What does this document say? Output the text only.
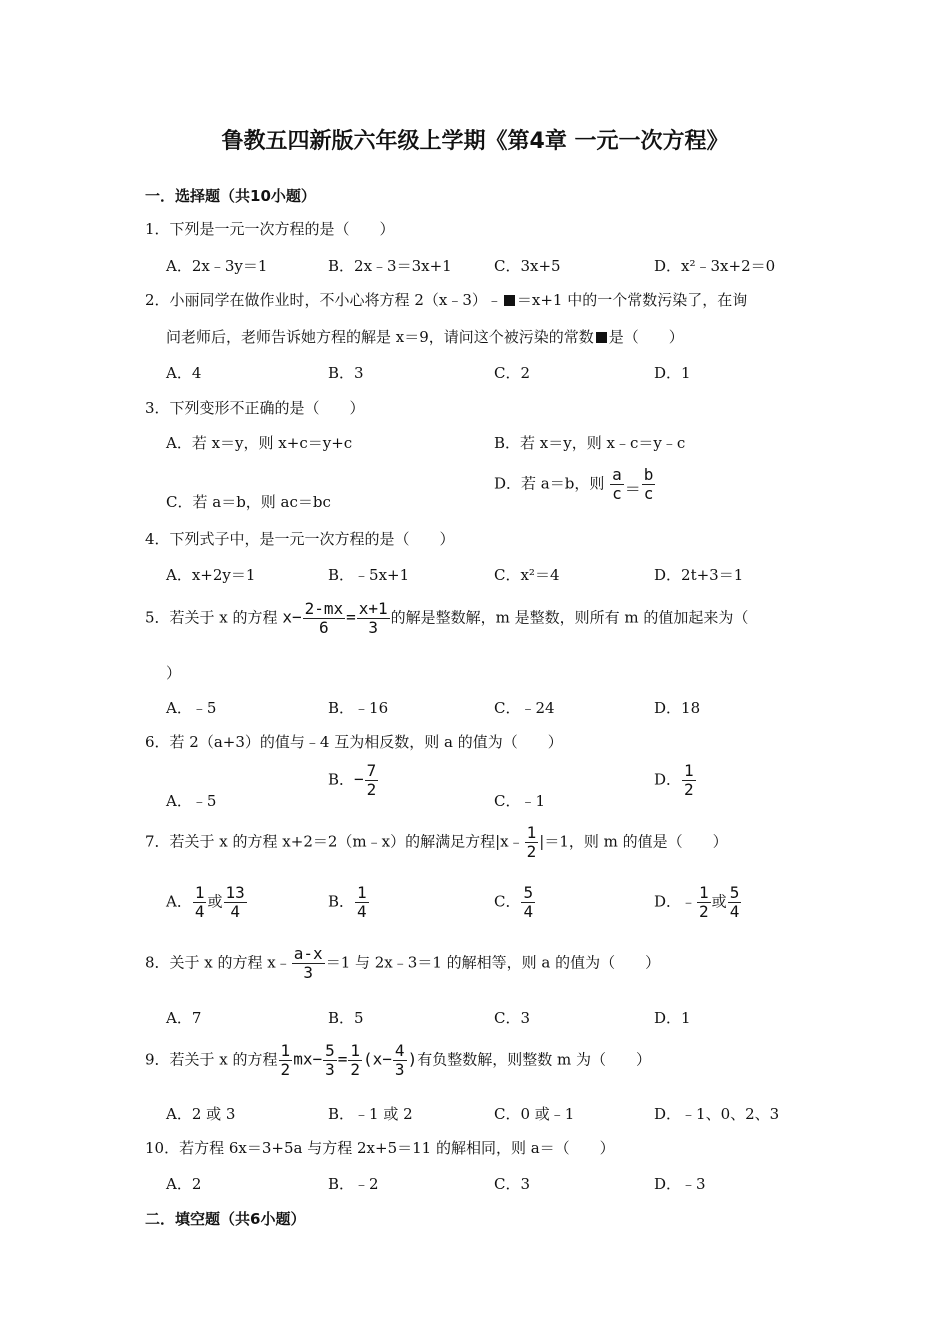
鲁教五四新版六年级上学期《第4章 一元一次方程》
一．选择题（共10小题）
1．下列是一元一次方程的是（　　）
A．2x﹣3y＝1	B．2x﹣3＝3x+1	C．3x+5	D．x²﹣3x+2＝0
2．小丽同学在做作业时，不小心将方程 2（x﹣3）﹣ ＝x+1 中的一个常数污染了，在询
问老师后，老师告诉她方程的解是 x＝9，请问这个被污染的常数 是（　　）
A．4	B．3	C．2	D．1
3．下列变形不正确的是（　　）
A．若 x＝y，则 x+c＝y+c	B．若 x＝y，则 x﹣c＝y﹣c
C．若 a＝b，则 ac＝bc
D．若 a＝b，则 $\frac{a}{c} = \frac{b}{c}$
4．下列式子中，是一元一次方程的是（　　）
A．x+2y＝1	B．﹣5x+1	C．x²＝4	D．2t+3＝1
5．若关于 x 的方程 $x- \frac{2-mx}{6} = \frac{x+1}{3}$ 的解是整数解，m 是整数，则所有 m 的值加起来为（
）
A．﹣5	B．﹣16	C．﹣24	D．18
6．若 2（a+3）的值与﹣4 互为相反数，则 a 的值为（　　）
A．﹣5
B．− $\frac{7}{2}$
C．﹣1
D． $\frac{1}{2}$
7．若关于 x 的方程 x+2＝2（m﹣x）的解满足方程|x﹣ $\frac{1}{2} |=1$，则 m 的值是（　　）
A． $\frac{1}{4}$ 或 $\frac{13}{4}$	B． $\frac{1}{4}$	C． $\frac{5}{4}$	D．﹣ $\frac{1}{2}$ 或 $\frac{5}{4}$
8．关于 x 的方程 x﹣ $\frac{a-x}{3} =1$ 与 2x﹣3＝1 的解相等，则 a 的值为（　　）
A．7	B．5	C．3	D．1
9．若关于 x 的方程 $\frac{1}{2} mx- \frac{5}{3} = \frac{1}{2} (x- \frac{4}{3}$ )有负整数解，则整数 m 为（　　）
A．2 或 3	B．﹣1 或 2	C．0 或﹣1	D．﹣1、0、2、3
10．若方程 6x＝3+5a 与方程 2x+5＝11 的解相同，则 a＝（　　）
A．2	B．﹣2	C．3	D．﹣3
二．填空题（共6小题）
